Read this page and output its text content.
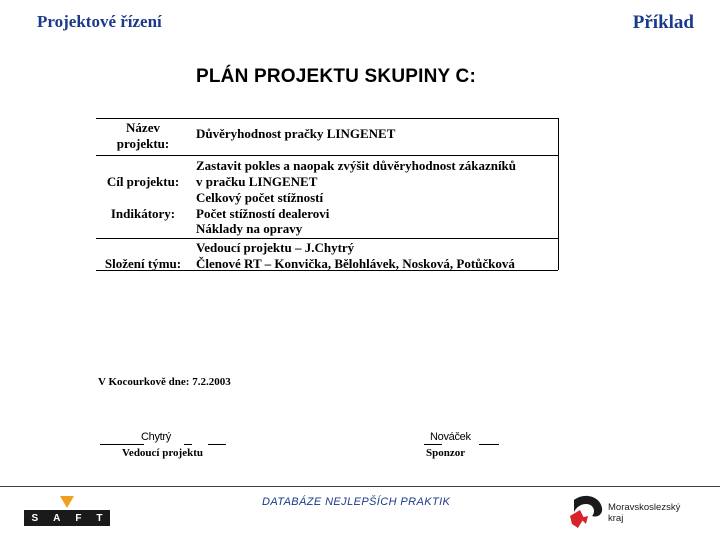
Projektové řízení	Příklad
PLÁN PROJEKTU SKUPINY C:
Název
projektu:
Důvěryhodnost pračky LINGENET
Cíl projektu:
Zastavit pokles a naopak zvýšit důvěryhodnost zákazníků
v pračku LINGENET
Indikátory:
Celkový počet stížností
Počet stížností dealerovi
Náklady na opravy
Složení týmu:
Vedoucí projektu – J.Chytrý
Členové RT – Konvička, Bělohlávek, Nosková, Potůčková
V Kocourkově dne: 7.2.2003
Chytrý
Vedoucí projektu
Nováček
Sponzor
S A F T
DATABÁZE NEJLEPŠÍCH PRAKTIK	Moravskoslezský
kraj
